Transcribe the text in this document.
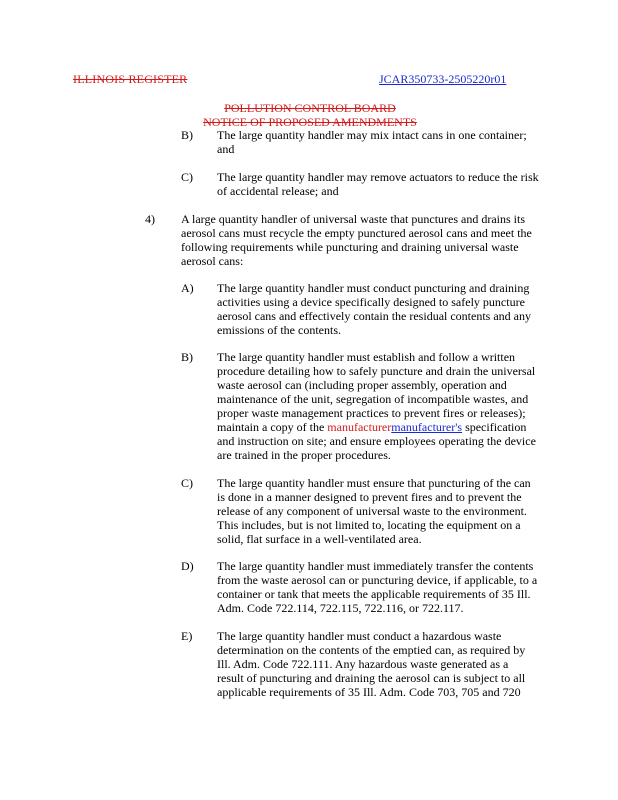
ILLINOIS REGISTER	JCAR350733-2505220r01
POLLUTION CONTROL BOARD
NOTICE OF PROPOSED AMENDMENTS
B) The large quantity handler may mix intact cans in one container;
and
C) The large quantity handler may remove actuators to reduce the risk
of accidental release; and
4) A large quantity handler of universal waste that punctures and drains its
aerosol cans must recycle the empty punctured aerosol cans and meet the
following requirements while puncturing and draining universal waste
aerosol cans:
A) The large quantity handler must conduct puncturing and draining
activities using a device specifically designed to safely puncture
aerosol cans and effectively contain the residual contents and any
emissions of the contents.
B) The large quantity handler must establish and follow a written
procedure detailing how to safely puncture and drain the universal
waste aerosol can (including proper assembly, operation and
maintenance of the unit, segregation of incompatible wastes, and
proper waste management practices to prevent fires or releases);
maintain a copy of the manufacturermanufacturer's specification
and instruction on site; and ensure employees operating the device
are trained in the proper procedures.
C) The large quantity handler must ensure that puncturing of the can
is done in a manner designed to prevent fires and to prevent the
release of any component of universal waste to the environment.
This includes, but is not limited to, locating the equipment on a
solid, flat surface in a well-ventilated area.
D) The large quantity handler must immediately transfer the contents
from the waste aerosol can or puncturing device, if applicable, to a
container or tank that meets the applicable requirements of 35 Ill.
Adm. Code 722.114, 722.115, 722.116, or 722.117.
E) The large quantity handler must conduct a hazardous waste
determination on the contents of the emptied can, as required by
Ill. Adm. Code 722.111. Any hazardous waste generated as a
result of puncturing and draining the aerosol can is subject to all
applicable requirements of 35 Ill. Adm. Code 703, 705 and 720
